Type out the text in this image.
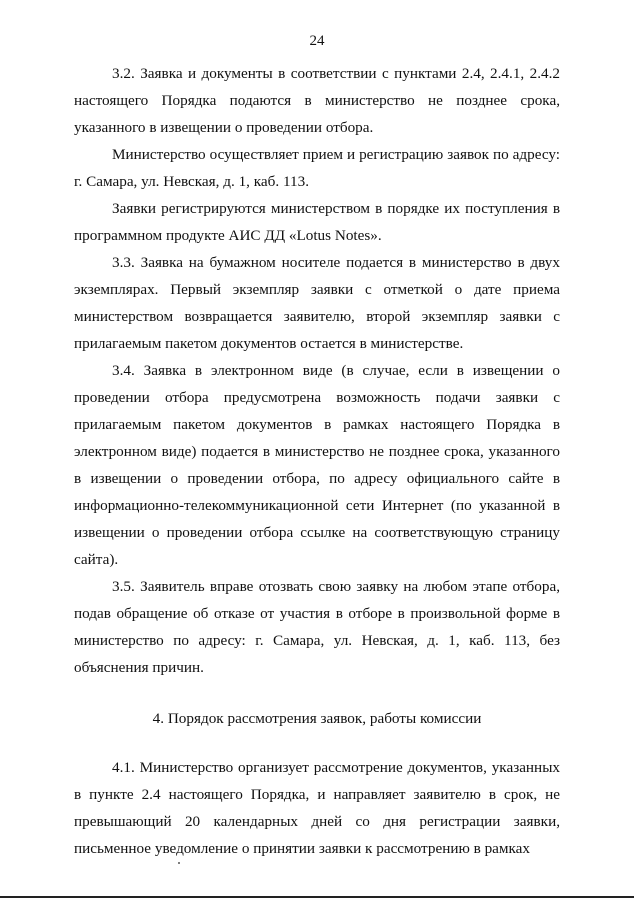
24

3.2. Заявка и документы в соответствии с пунктами 2.4, 2.4.1, 2.4.2 настоящего Порядка подаются в министерство не позднее срока, указанного в извещении о проведении отбора.

Министерство осуществляет прием и регистрацию заявок по адресу: г. Самара, ул. Невская, д. 1, каб. 113.

Заявки регистрируются министерством в порядке их поступления в программном продукте АИС ДД «Lotus Notes».

3.3. Заявка на бумажном носителе подается в министерство в двух экземплярах. Первый экземпляр заявки с отметкой о дате приема министерством возвращается заявителю, второй экземпляр заявки с прилагаемым пакетом документов остается в министерстве.

3.4. Заявка в электронном виде (в случае, если в извещении о проведении отбора предусмотрена возможность подачи заявки с прилагаемым пакетом документов в рамках настоящего Порядка в электронном виде) подается в министерство не позднее срока, указанного в извещении о проведении отбора, по адресу официального сайте в информационно-телекоммуникационной сети Интернет (по указанной в извещении о проведении отбора ссылке на соответствующую страницу сайта).

3.5. Заявитель вправе отозвать свою заявку на любом этапе отбора, подав обращение об отказе от участия в отборе в произвольной форме в министерство по адресу: г. Самара, ул. Невская, д. 1, каб. 113, без объяснения причин.

4. Порядок рассмотрения заявок, работы комиссии

4.1. Министерство организует рассмотрение документов, указанных в пункте 2.4 настоящего Порядка, и направляет заявителю в срок, не превышающий 20 календарных дней со дня регистрации заявки, письменное уведомление о принятии заявки к рассмотрению в рамках
